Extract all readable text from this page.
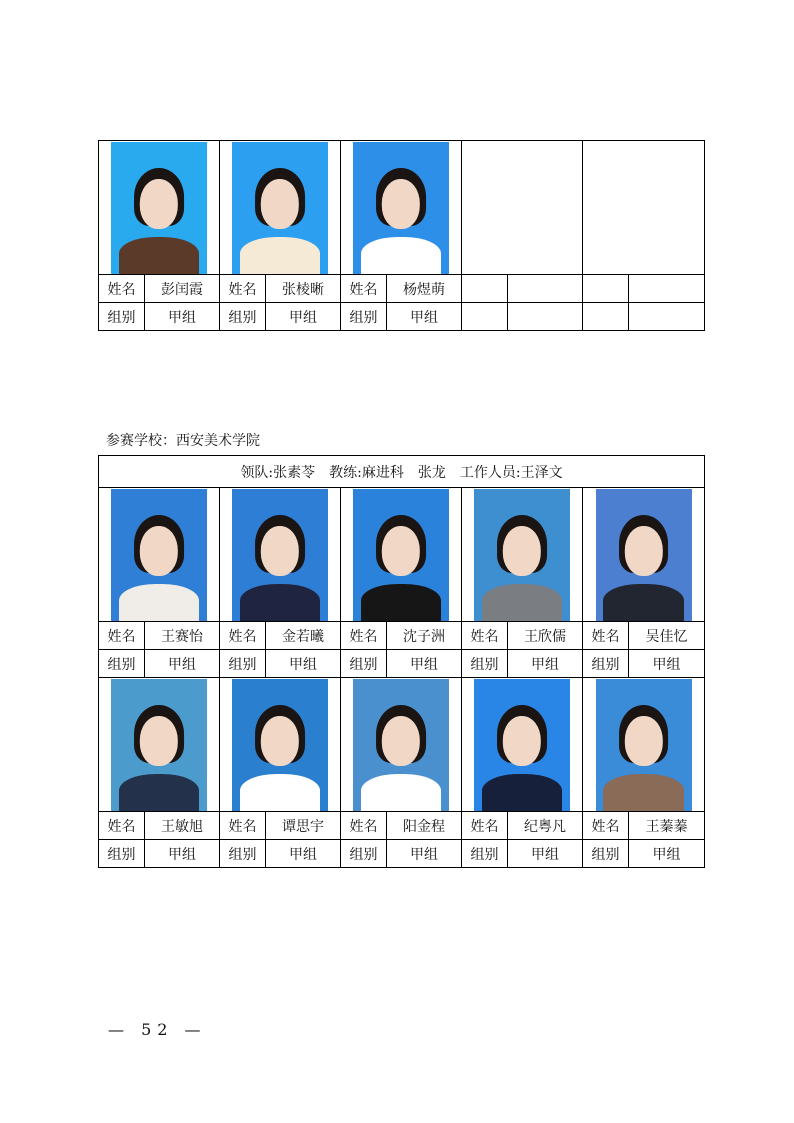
姓名	彭闰霞	姓名	张棱晰	姓名	杨煜萌				
组别	甲组	组别	甲组	组别	甲组				
参赛学校：西安美术学院
领队:张素苓　教练:麻进科　张龙　工作人员:王泽文									

姓名	王赛怡	姓名	金若曦	姓名	沈子洲	姓名	王欣儒	姓名	吴佳忆
组别	甲组	组别	甲组	组别	甲组	组别	甲组	组别	甲组

姓名	王敏旭	姓名	谭思宇	姓名	阳金程	姓名	纪粤凡	姓名	王蓁蓁
组别	甲组	组别	甲组	组别	甲组	组别	甲组	组别	甲组
— 52 —
